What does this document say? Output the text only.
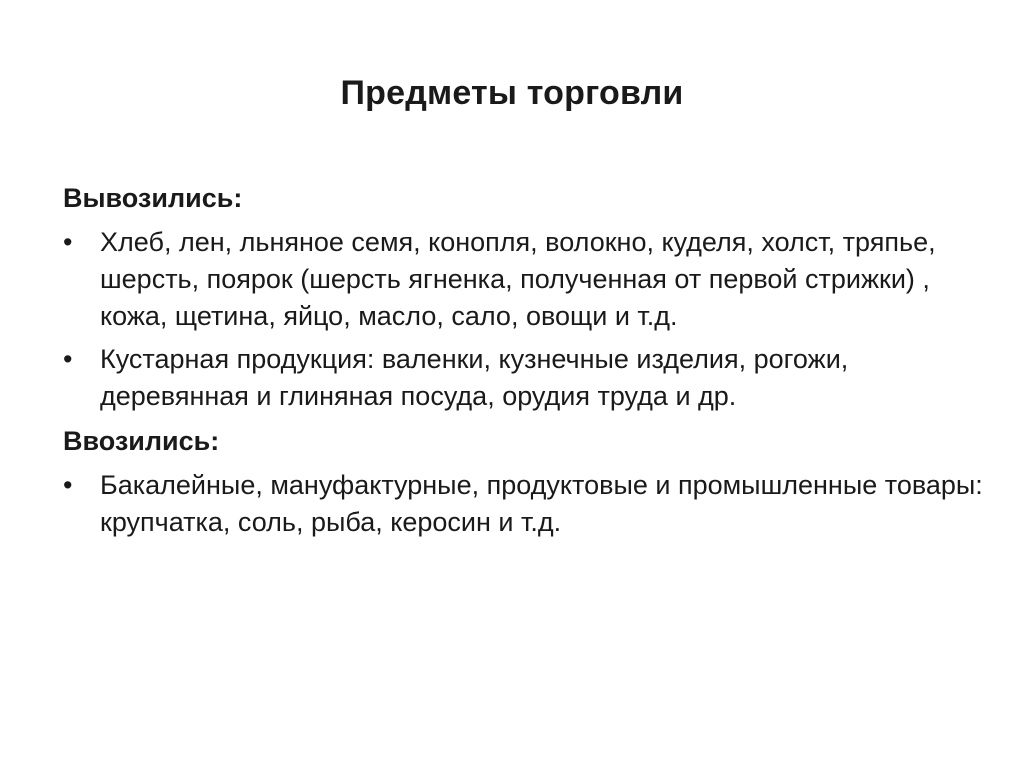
Предметы торговли
Вывозились:
• Хлеб, лен, льняное семя, конопля, волокно, куделя, холст, тряпье, шерсть, поярок (шерсть ягненка, полученная от первой стрижки) , кожа, щетина, яйцо, масло, сало, овощи и т.д.
• Кустарная продукция: валенки, кузнечные изделия, рогожи, деревянная и глиняная посуда, орудия труда и др.
Ввозились:
• Бакалейные, мануфактурные, продуктовые и промышленные товары: крупчатка, соль, рыба, керосин и т.д.
